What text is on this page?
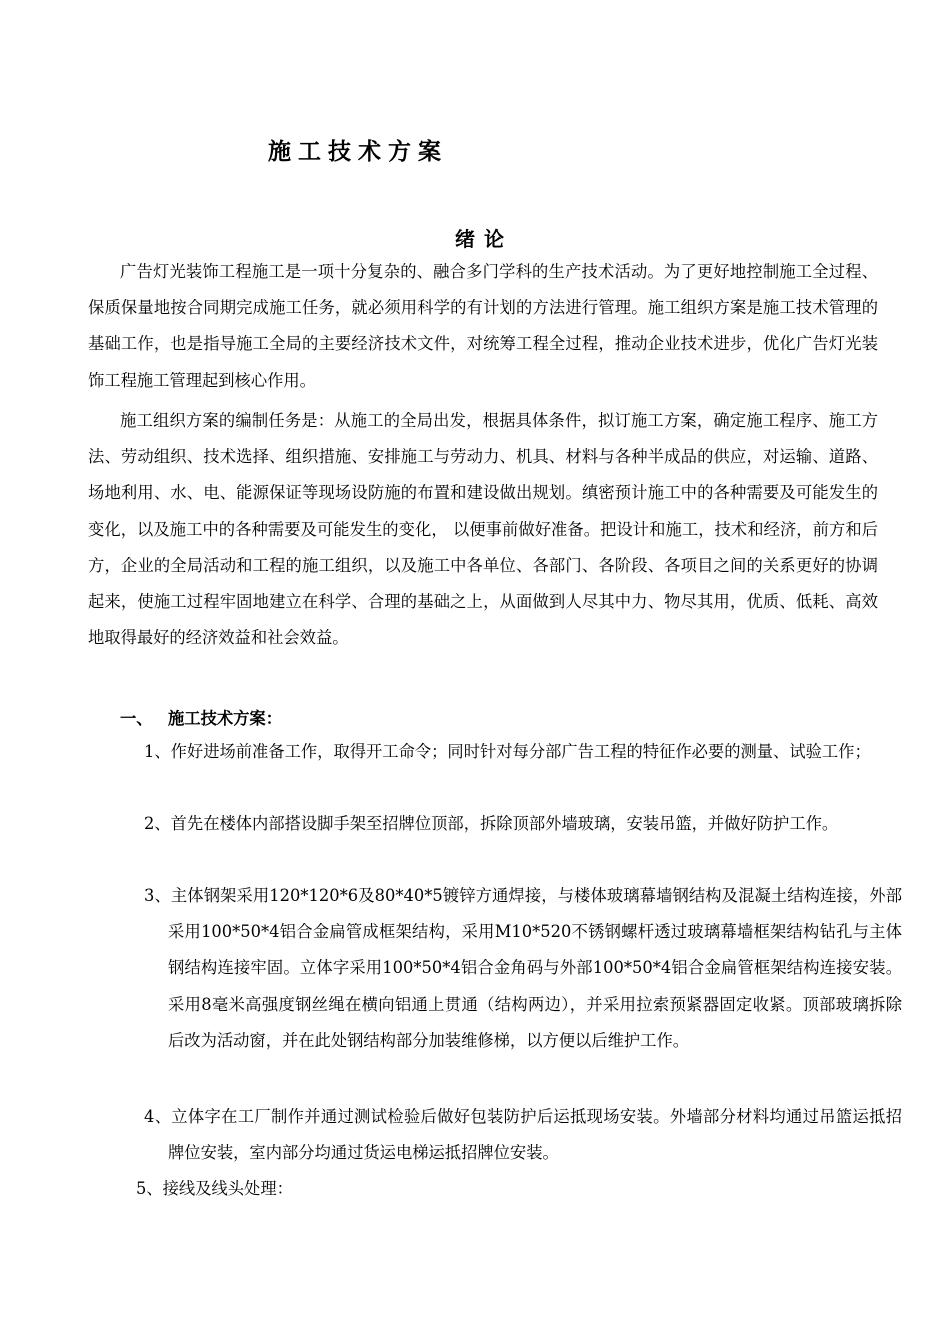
施工技术方案
绪论

广告灯光装饰工程施工是一项十分复杂的、融合多门学科的生产技术活动。为了更好地控制施工全过程、保质保量地按合同期完成施工任务，就必须用科学的有计划的方法进行管理。施工组织方案是施工技术管理的基础工作，也是指导施工全局的主要经济技术文件，对统筹工程全过程，推动企业技术进步，优化广告灯光装饰工程施工管理起到核心作用。

施工组织方案的编制任务是：从施工的全局出发，根据具体条件，拟订施工方案，确定施工程序、施工方法、劳动组织、技术选择、组织措施、安排施工与劳动力、机具、材料与各种半成品的供应，对运输、道路、场地利用、水、电、能源保证等现场设防施的布置和建设做出规划。缜密预计施工中的各种需要及可能发生的变化，以及施工中的各种需要及可能发生的变化， 以便事前做好准备。把设计和施工，技术和经济，前方和后方，企业的全局活动和工程的施工组织，以及施工中各单位、各部门、各阶段、各项目之间的关系更好的协调起来，使施工过程牢固地建立在科学、合理的基础之上，从面做到人尽其中力、物尽其用，优质、低耗、高效地取得最好的经济效益和社会效益。

一、 施工技术方案：

1、作好进场前准备工作，取得开工命令；同时针对每分部广告工程的特征作必要的测量、试验工作；

2、首先在楼体内部搭设脚手架至招牌位顶部，拆除顶部外墙玻璃，安装吊篮，并做好防护工作。

3、主体钢架采用120*120*6及80*40*5镀锌方通焊接，与楼体玻璃幕墙钢结构及混凝土结构连接，外部采用100*50*4铝合金扁管成框架结构，采用M10*520不锈钢螺杆透过玻璃幕墙框架结构钻孔与主体钢结构连接牢固。立体字采用100*50*4铝合金角码与外部100*50*4铝合金扁管框架结构连接安装。采用8毫米高强度钢丝绳在横向铝通上贯通（结构两边），并采用拉索预紧器固定收紧。顶部玻璃拆除后改为活动窗，并在此处钢结构部分加装维修梯，以方便以后维护工作。

4、立体字在工厂制作并通过测试检验后做好包装防护后运抵现场安装。外墙部分材料均通过吊篮运抵招牌位安装，室内部分均通过货运电梯运抵招牌位安装。

5、接线及线头处理：
